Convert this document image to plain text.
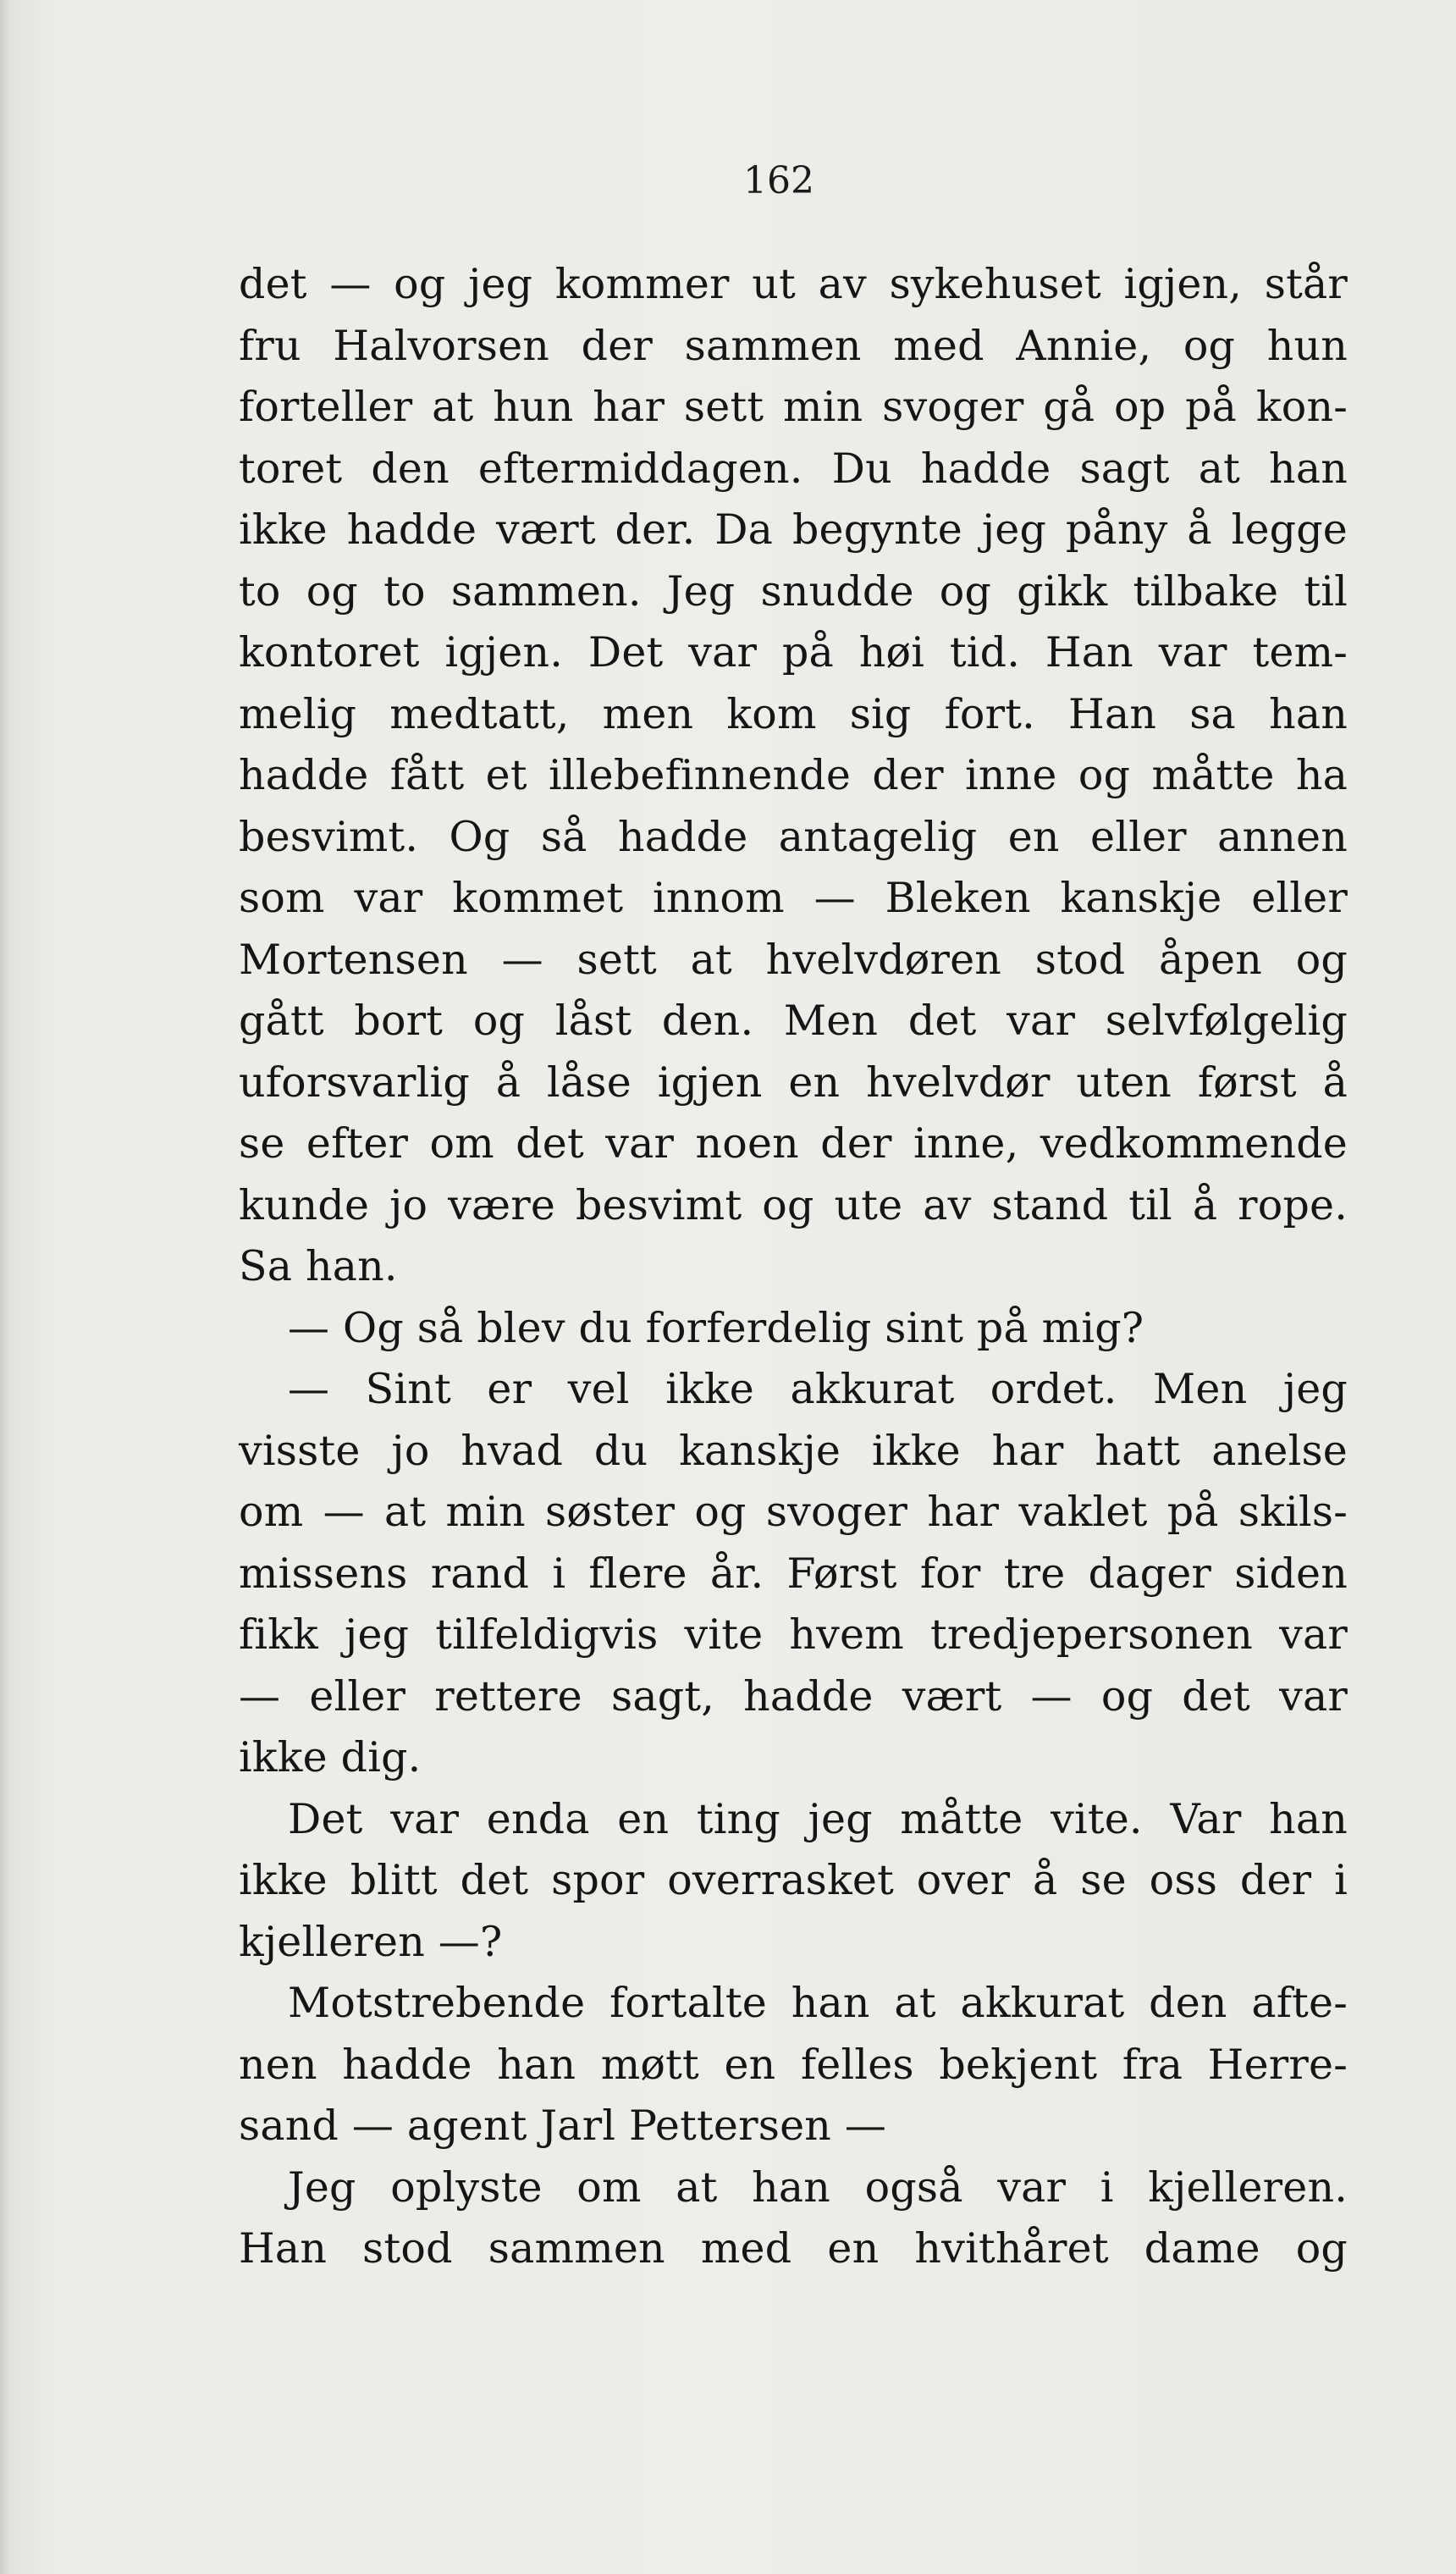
162
det — og jeg kommer ut av sykehuset igjen, står
fru Halvorsen der sammen med Annie, og hun
forteller at hun har sett min svoger gå op på kon-
toret den eftermiddagen. Du hadde sagt at han
ikke hadde vært der. Da begynte jeg påny å legge
to og to sammen. Jeg snudde og gikk tilbake til
kontoret igjen. Det var på høi tid. Han var tem-
melig medtatt, men kom sig fort. Han sa han
hadde fått et illebefinnende der inne og måtte ha
besvimt. Og så hadde antagelig en eller annen
som var kommet innom — Bleken kanskje eller
Mortensen — sett at hvelvdøren stod åpen og
gått bort og låst den. Men det var selvfølgelig
uforsvarlig å låse igjen en hvelvdør uten først å
se efter om det var noen der inne, vedkommende
kunde jo være besvimt og ute av stand til å rope.
Sa han.
— Og så blev du forferdelig sint på mig?
— Sint er vel ikke akkurat ordet. Men jeg
visste jo hvad du kanskje ikke har hatt anelse
om — at min søster og svoger har vaklet på skils-
missens rand i flere år. Først for tre dager siden
fikk jeg tilfeldigvis vite hvem tredjepersonen var
— eller rettere sagt, hadde vært — og det var
ikke dig.
Det var enda en ting jeg måtte vite. Var han
ikke blitt det spor overrasket over å se oss der i
kjelleren —?
Motstrebende fortalte han at akkurat den afte-
nen hadde han møtt en felles bekjent fra Herre-
sand — agent Jarl Pettersen —
Jeg oplyste om at han også var i kjelleren.
Han stod sammen med en hvithåret dame og
